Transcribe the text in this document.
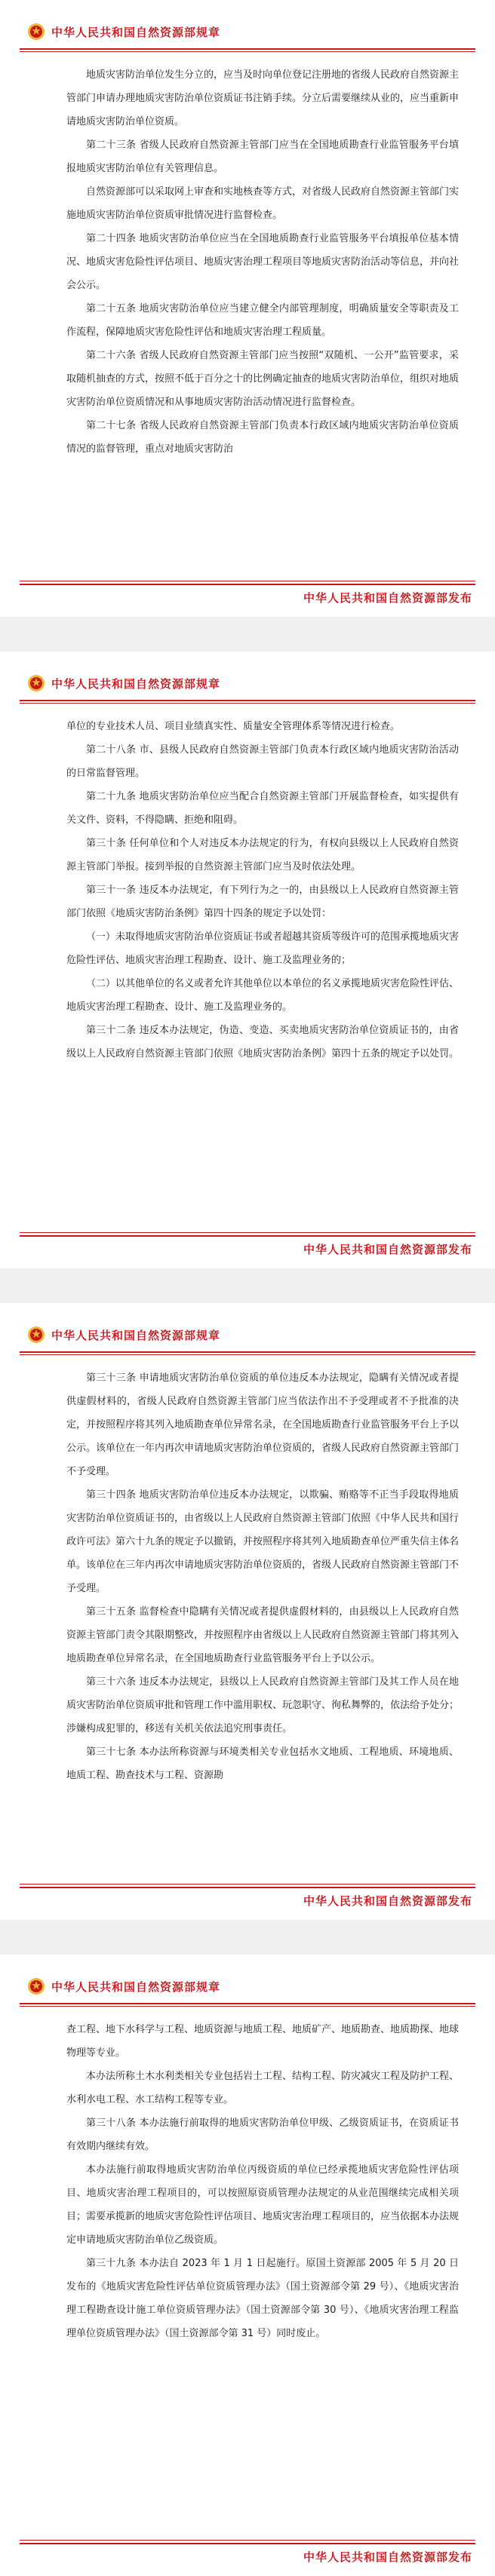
中华人民共和国自然资源部规章

地质灾害防治单位发生分立的，应当及时向单位登记注册地的省级人民政府自然资源主管部门申请办理地质灾害防治单位资质证书注销手续。分立后需要继续从业的，应当重新申请地质灾害防治单位资质。

第二十三条 省级人民政府自然资源主管部门应当在全国地质勘查行业监管服务平台填报地质灾害防治单位有关管理信息。

自然资源部可以采取网上审查和实地核查等方式，对省级人民政府自然资源主管部门实施地质灾害防治单位资质审批情况进行监督检查。

第二十四条 地质灾害防治单位应当在全国地质勘查行业监管服务平台填报单位基本情况、地质灾害危险性评估项目、地质灾害治理工程项目等地质灾害防治活动等信息，并向社会公示。

第二十五条 地质灾害防治单位应当建立健全内部管理制度，明确质量安全等职责及工作流程，保障地质灾害危险性评估和地质灾害治理工程质量。

第二十六条 省级人民政府自然资源主管部门应当按照“双随机、一公开”监管要求，采取随机抽查的方式，按照不低于百分之十的比例确定抽查的地质灾害防治单位，组织对地质灾害防治单位资质情况和从事地质灾害防治活动情况进行监督检查。

第二十七条 省级人民政府自然资源主管部门负责本行政区域内地质灾害防治单位资质情况的监督管理，重点对地质灾害防治

中华人民共和国自然资源部发布
中华人民共和国自然资源部规章

单位的专业技术人员、项目业绩真实性、质量安全管理体系等情况进行检查。

第二十八条 市、县级人民政府自然资源主管部门负责本行政区域内地质灾害防治活动的日常监督管理。

第二十九条 地质灾害防治单位应当配合自然资源主管部门开展监督检查，如实提供有关文件、资料，不得隐瞒、拒绝和阻碍。

第三十条 任何单位和个人对违反本办法规定的行为，有权向县级以上人民政府自然资源主管部门举报。接到举报的自然资源主管部门应当及时依法处理。

第三十一条 违反本办法规定，有下列行为之一的，由县级以上人民政府自然资源主管部门依照《地质灾害防治条例》第四十四条的规定予以处罚：

（一）未取得地质灾害防治单位资质证书或者超越其资质等级许可的范围承揽地质灾害危险性评估、地质灾害治理工程勘查、设计、施工及监理业务的；

（二）以其他单位的名义或者允许其他单位以本单位的名义承揽地质灾害危险性评估、地质灾害治理工程勘查、设计、施工及监理业务的。

第三十二条 违反本办法规定，伪造、变造、买卖地质灾害防治单位资质证书的，由省级以上人民政府自然资源主管部门依照《地质灾害防治条例》第四十五条的规定予以处罚。

中华人民共和国自然资源部发布
中华人民共和国自然资源部规章

第三十三条 申请地质灾害防治单位资质的单位违反本办法规定，隐瞒有关情况或者提供虚假材料的，省级人民政府自然资源主管部门应当依法作出不予受理或者不予批准的决定，并按照程序将其列入地质勘查单位异常名录，在全国地质勘查行业监管服务平台上予以公示。该单位在一年内再次申请地质灾害防治单位资质的，省级人民政府自然资源主管部门不予受理。

第三十四条 地质灾害防治单位违反本办法规定，以欺骗、贿赂等不正当手段取得地质灾害防治单位资质证书的，由省级以上人民政府自然资源主管部门依照《中华人民共和国行政许可法》第六十九条的规定予以撤销，并按照程序将其列入地质勘查单位严重失信主体名单。该单位在三年内再次申请地质灾害防治单位资质的，省级人民政府自然资源主管部门不予受理。

第三十五条 监督检查中隐瞒有关情况或者提供虚假材料的，由县级以上人民政府自然资源主管部门责令其限期整改，并按照程序由省级以上人民政府自然资源主管部门将其列入地质勘查单位异常名录，在全国地质勘查行业监管服务平台上予以公示。

第三十六条 违反本办法规定，县级以上人民政府自然资源主管部门及其工作人员在地质灾害防治单位资质审批和管理工作中滥用职权、玩忽职守、徇私舞弊的，依法给予处分；涉嫌构成犯罪的，移送有关机关依法追究刑事责任。

第三十七条 本办法所称资源与环境类相关专业包括水文地质、工程地质、环境地质、地质工程、勘查技术与工程、资源勘

中华人民共和国自然资源部发布
中华人民共和国自然资源部规章

查工程、地下水科学与工程、地质资源与地质工程、地质矿产、地质勘查、地质勘探、地球物理等专业。

本办法所称土木水利类相关专业包括岩土工程、结构工程、防灾减灾工程及防护工程、水利水电工程、水工结构工程等专业。

第三十八条 本办法施行前取得的地质灾害防治单位甲级、乙级资质证书，在资质证书有效期内继续有效。

本办法施行前取得地质灾害防治单位丙级资质的单位已经承揽地质灾害危险性评估项目、地质灾害治理工程项目的，可以按照原资质管理办法规定的从业范围继续完成相关项目；需要承揽新的地质灾害危险性评估项目、地质灾害治理工程项目的，应当依据本办法规定申请地质灾害防治单位乙级资质。

第三十九条 本办法自 2023 年 1 月 1 日起施行。原国土资源部 2005 年 5 月 20 日发布的《地质灾害危险性评估单位资质管理办法》（国土资源部令第 29 号）、《地质灾害治理工程勘查设计施工单位资质管理办法》（国土资源部令第 30 号）、《地质灾害治理工程监理单位资质管理办法》（国土资源部令第 31 号）同时废止。

中华人民共和国自然资源部发布
